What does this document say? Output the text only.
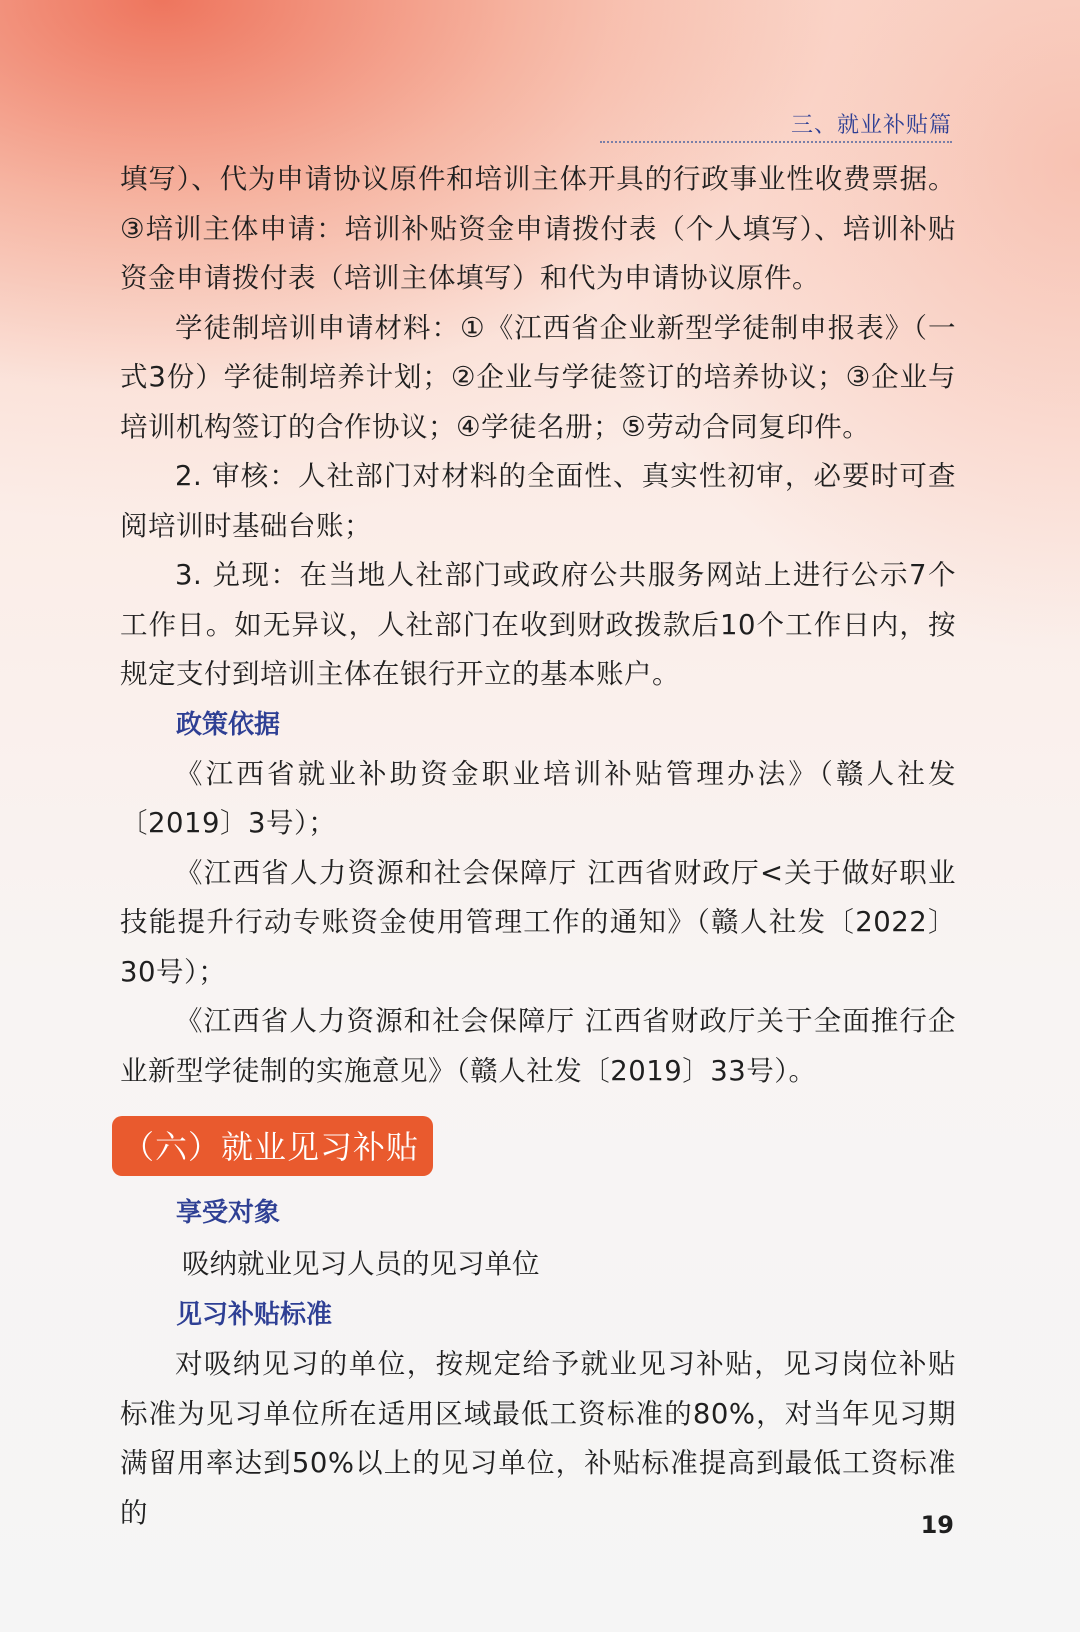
三、就业补贴篇

填写）、代为申请协议原件和培训主体开具的行政事业性收费票据。③培训主体申请：培训补贴资金申请拨付表（个人填写）、培训补贴资金申请拨付表（培训主体填写）和代为申请协议原件。

学徒制培训申请材料：①《江西省企业新型学徒制申报表》（一式3份）学徒制培养计划；②企业与学徒签订的培养协议；③企业与培训机构签订的合作协议；④学徒名册；⑤劳动合同复印件。

2. 审核：人社部门对材料的全面性、真实性初审，必要时可查阅培训时基础台账；

3. 兑现：在当地人社部门或政府公共服务网站上进行公示7个工作日。如无异议，人社部门在收到财政拨款后10个工作日内，按规定支付到培训主体在银行开立的基本账户。

政策依据

《江西省就业补助资金职业培训补贴管理办法》（赣人社发〔2019〕3号）；

《江西省人力资源和社会保障厅 江西省财政厅<关于做好职业技能提升行动专账资金使用管理工作的通知》（赣人社发〔2022〕30号）；

《江西省人力资源和社会保障厅 江西省财政厅关于全面推行企业新型学徒制的实施意见》（赣人社发〔2019〕33号）。

（六）就业见习补贴

享受对象

吸纳就业见习人员的见习单位

见习补贴标准

对吸纳见习的单位，按规定给予就业见习补贴，见习岗位补贴标准为见习单位所在适用区域最低工资标准的80%，对当年见习期满留用率达到50%以上的见习单位，补贴标准提高到最低工资标准的	19
